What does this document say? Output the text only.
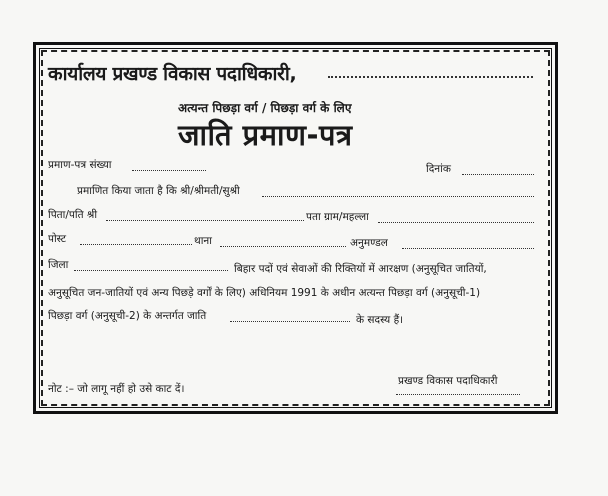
कार्यालय प्रखण्ड विकास पदाधिकारी,
अत्यन्त पिछड़ा वर्ग / पिछड़ा वर्ग के लिए
जाति प्रमाण-पत्र
प्रमाण-पत्र संख्या	दिनांक
प्रमाणित किया जाता है कि श्री/श्रीमती/सुश्री
पिता/पति श्री	पता ग्राम/महल्ला
पोस्ट	थाना	अनुमण्डल
जिला	बिहार पदों एवं सेवाओं की रिक्तियों में आरक्षण (अनुसूचित जातियों,
अनुसूचित जन-जातियों एवं अन्य पिछड़े वर्गों के लिए) अधिनियम 1991 के अधीन अत्यन्त पिछड़ा वर्ग (अनुसूची-1)
पिछड़ा वर्ग (अनुसूची-2) के अन्तर्गत जाति	के सदस्य हैं।
प्रखण्ड विकास पदाधिकारी
नोट :– जो लागू नहीं हो उसे काट दें।
